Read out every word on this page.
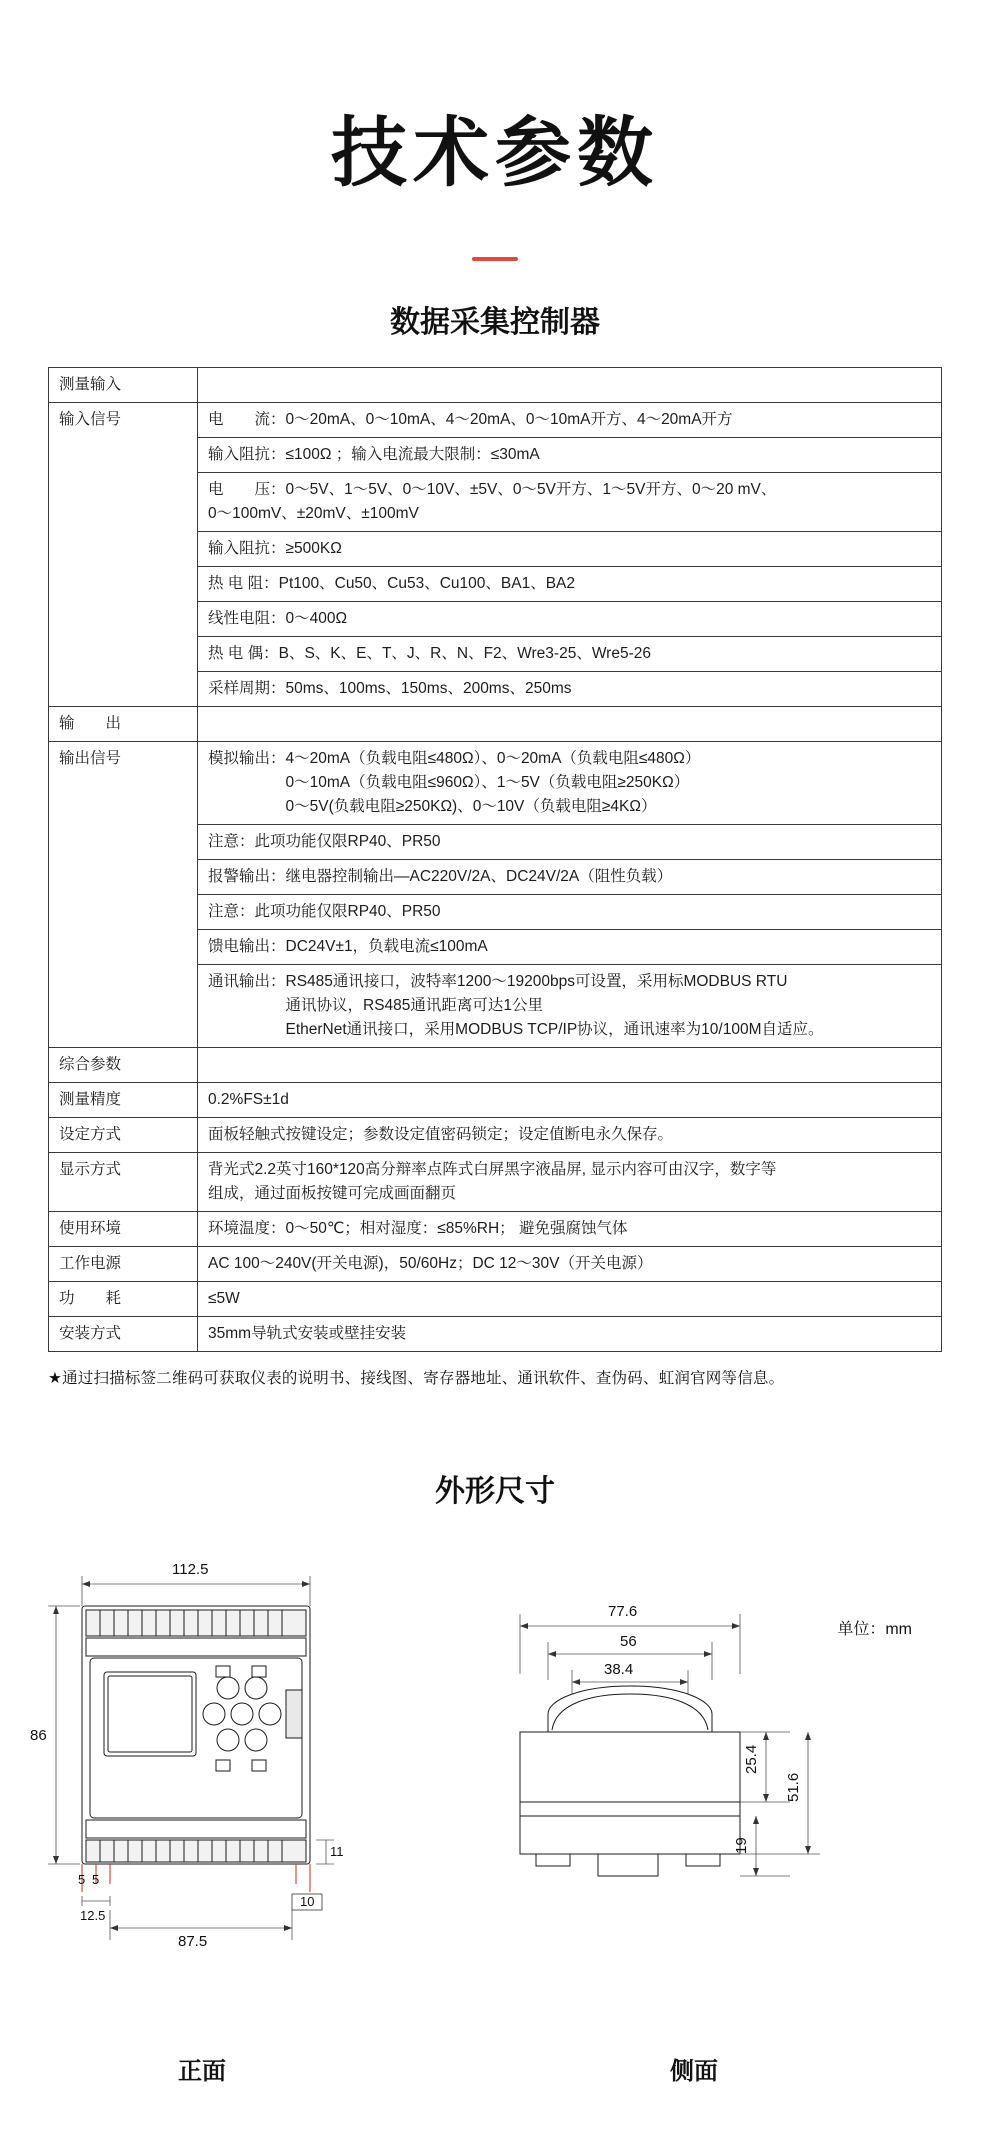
技术参数
数据采集控制器
测量输入	
输入信号	电　　流：0～20mA、0～10mA、4～20mA、0～10mA开方、4～20mA开方

	输入阻抗：≤100Ω ；输入电流最大限制：≤30mA

	电　　压：0～5V、1～5V、0～10V、±5V、0～5V开方、1～5V开方、0～20 mV、
0～100mV、±20mV、±100mV

	输入阻抗：≥500KΩ

	热 电 阻：Pt100、Cu50、Cu53、Cu100、BA1、BA2

	线性电阻：0～400Ω

	热 电 偶：B、S、K、E、T、J、R、N、F2、Wre3-25、Wre5-26

	采样周期：50ms、100ms、150ms、200ms、250ms

输　　出	
输出信号	模拟输出：4～20mA（负载电阻≤480Ω）、0～20mA（负载电阻≤480Ω）
　　　　　0～10mA（负载电阻≤960Ω）、1～5V（负载电阻≥250KΩ）
　　　　　0～5V(负载电阻≥250KΩ)、0～10V（负载电阻≥4KΩ）

	注意：此项功能仅限RP40、PR50

	报警输出：继电器控制输出—AC220V/2A、DC24V/2A（阻性负载）

	注意：此项功能仅限RP40、PR50

	馈电输出：DC24V±1，负载电流≤100mA

	通讯输出：RS485通讯接口，波特率1200～19200bps可设置，采用标MODBUS RTU
　　　　　通讯协议，RS485通讯距离可达1公里
　　　　　EtherNet通讯接口，采用MODBUS TCP/IP协议，通讯速率为10/100M自适应。

综合参数	
测量精度	0.2%FS±1d

设定方式	面板轻触式按键设定；参数设定值密码锁定；设定值断电永久保存。

显示方式	背光式2.2英寸160*120高分辩率点阵式白屏黑字液晶屏, 显示内容可由汉字，数字等
组成，通过面板按键可完成画面翻页

使用环境	环境温度：0～50℃；相对湿度：≤85%RH； 避免强腐蚀气体

工作电源	AC 100～240V(开关电源)，50/60Hz；DC 12～30V（开关电源）

功　　耗	≤5W

安装方式	35mm导轨式安装或壁挂安装
★通过扫描标签二维码可获取仪表的说明书、接线图、寄存器地址、通讯软件、查伪码、虹润官网等信息。
外形尺寸
单位：mm
112.5
86
5 5
11
12.5
10
87.5
77.6
56
38.4
25.4
51.6
19
正面	侧面
